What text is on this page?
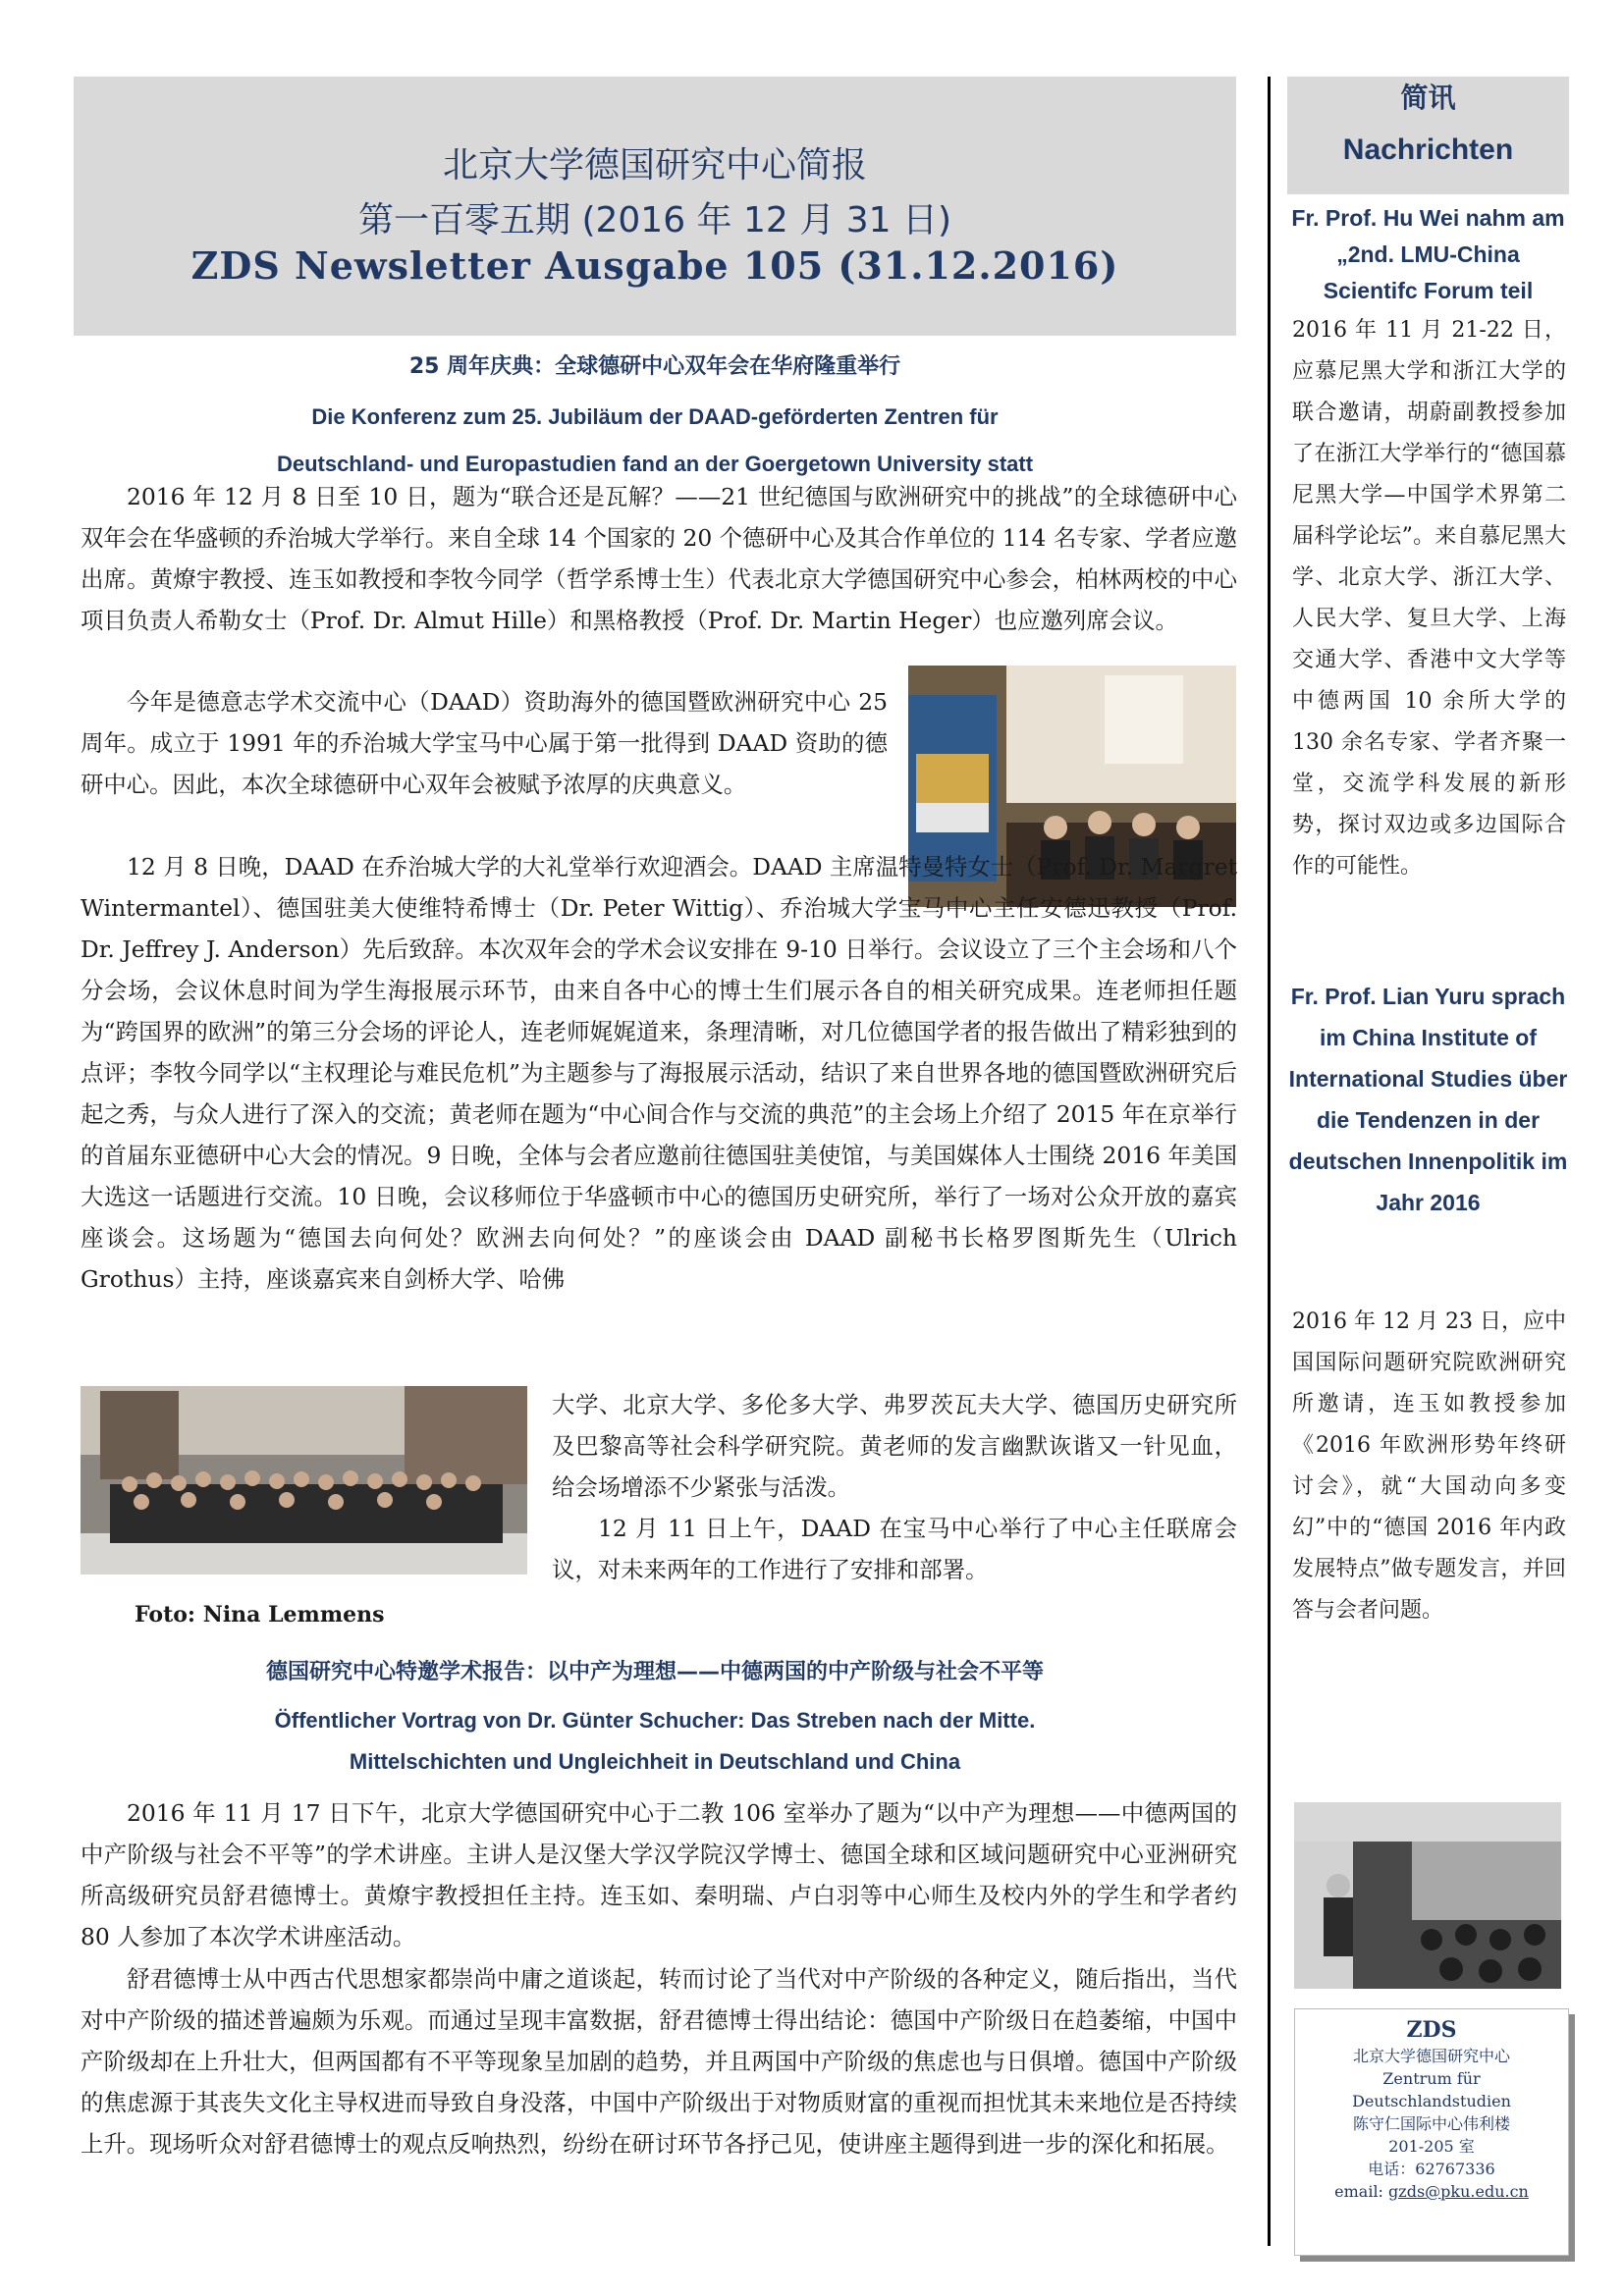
北京大学德国研究中心简报
第一百零五期 (2016 年 12 月 31 日)
ZDS Newsletter Ausgabe 105 (31.12.2016)
25 周年庆典：全球德研中心双年会在华府隆重举行
Die Konferenz zum 25. Jubiläum der DAAD-geförderten Zentren für
Deutschland- und Europastudien fand an der Goergetown University statt

2016 年 12 月 8 日至 10 日，题为“联合还是瓦解？——21 世纪德国与欧洲研究中的挑战”的全球德研中心双年会在华盛顿的乔治城大学举行。来自全球 14 个国家的 20 个德研中心及其合作单位的 114 名专家、学者应邀出席。黄燎宇教授、连玉如教授和李牧今同学（哲学系博士生）代表北京大学德国研究中心参会，柏林两校的中心项目负责人希勒女士（Prof. Dr. Almut Hille）和黑格教授（Prof. Dr. Martin Heger）也应邀列席会议。

今年是德意志学术交流中心（DAAD）资助海外的德国暨欧洲研究中心 25 周年。成立于 1991 年的乔治城大学宝马中心属于第一批得到 DAAD 资助的德研中心。因此，本次全球德研中心双年会被赋予浓厚的庆典意义。

12 月 8 日晚，DAAD 在乔治城大学的大礼堂举行欢迎酒会。DAAD 主席温特曼特女士（Prof. Dr. Margret Wintermantel）、德国驻美大使维特希博士（Dr. Peter Wittig）、乔治城大学宝马中心主任安德迅教授（Prof. Dr. Jeffrey J. Anderson）先后致辞。本次双年会的学术会议安排在 9-10 日举行。会议设立了三个主会场和八个分会场，会议休息时间为学生海报展示环节，由来自各中心的博士生们展示各自的相关研究成果。连老师担任题为“跨国界的欧洲”的第三分会场的评论人，连老师娓娓道来，条理清晰，对几位德国学者的报告做出了精彩独到的点评；李牧今同学以“主权理论与难民危机”为主题参与了海报展示活动，结识了来自世界各地的德国暨欧洲研究后起之秀，与众人进行了深入的交流；黄老师在题为“中心间合作与交流的典范”的主会场上介绍了 2015 年在京举行的首届东亚德研中心大会的情况。9 日晚，全体与会者应邀前往德国驻美使馆，与美国媒体人士围绕 2016 年美国大选这一话题进行交流。10 日晚，会议移师位于华盛顿市中心的德国历史研究所，举行了一场对公众开放的嘉宾座谈会。这场题为“德国去向何处？欧洲去向何处？”的座谈会由 DAAD 副秘书长格罗图斯先生（Ulrich Grothus）主持，座谈嘉宾来自剑桥大学、哈佛

大学、北京大学、多伦多大学、弗罗茨瓦夫大学、德国历史研究所及巴黎高等社会科学研究院。黄老师的发言幽默诙谐又一针见血，给会场增添不少紧张与活泼。

12 月 11 日上午，DAAD 在宝马中心举行了中心主任联席会议，对未来两年的工作进行了安排和部署。

Foto: Nina Lemmens
德国研究中心特邀学术报告：以中产为理想——中德两国的中产阶级与社会不平等
Öffentlicher Vortrag von Dr. Günter Schucher: Das Streben nach der Mitte.
Mittelschichten und Ungleichheit in Deutschland und China

2016 年 11 月 17 日下午，北京大学德国研究中心于二教 106 室举办了题为“以中产为理想——中德两国的中产阶级与社会不平等”的学术讲座。主讲人是汉堡大学汉学院汉学博士、德国全球和区域问题研究中心亚洲研究所高级研究员舒君德博士。黄燎宇教授担任主持。连玉如、秦明瑞、卢白羽等中心师生及校内外的学生和学者约 80 人参加了本次学术讲座活动。

舒君德博士从中西古代思想家都崇尚中庸之道谈起，转而讨论了当代对中产阶级的各种定义，随后指出，当代对中产阶级的描述普遍颇为乐观。而通过呈现丰富数据，舒君德博士得出结论：德国中产阶级日在趋萎缩，中国中产阶级却在上升壮大，但两国都有不平等现象呈加剧的趋势，并且两国中产阶级的焦虑也与日俱增。德国中产阶级的焦虑源于其丧失文化主导权进而导致自身没落，中国中产阶级出于对物质财富的重视而担忧其未来地位是否持续上升。现场听众对舒君德博士的观点反响热烈，纷纷在研讨环节各抒己见，使讲座主题得到进一步的深化和拓展。

简讯
Nachrichten
Fr. Prof. Hu Wei nahm am „2nd. LMU-China Scientifc Forum teil
2016 年 11 月 21-22 日，应慕尼黑大学和浙江大学的联合邀请，胡蔚副教授参加了在浙江大学举行的“德国慕尼黑大学—中国学术界第二届科学论坛”。来自慕尼黑大学、北京大学、浙江大学、人民大学、复旦大学、上海交通大学、香港中文大学等中德两国 10 余所大学的 130 余名专家、学者齐聚一堂，交流学科发展的新形势，探讨双边或多边国际合作的可能性。
Fr. Prof. Lian Yuru sprach im China Institute of International Studies über die Tendenzen in der deutschen Innenpolitik im Jahr 2016
2016 年 12 月 23 日，应中国国际问题研究院欧洲研究所邀请，连玉如教授参加《2016 年欧洲形势年终研讨会》，就“大国动向多变幻”中的“德国 2016 年内政发展特点”做专题发言，并回答与会者问题。
ZDS
北京大学德国研究中心
Zentrum für
Deutschlandstudien
陈守仁国际中心伟利楼
201-205 室
电话：62767336
email: gzds@pku.edu.cn
